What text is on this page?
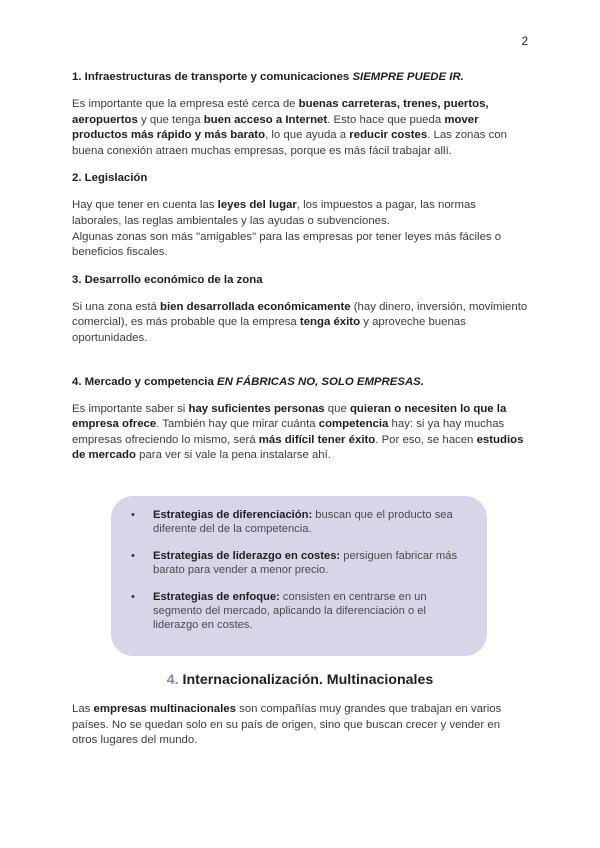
2

1. Infraestructuras de transporte y comunicaciones SIEMPRE PUEDE IR.

Es importante que la empresa esté cerca de buenas carreteras, trenes, puertos, aeropuertos y que tenga buen acceso a Internet. Esto hace que pueda mover productos más rápido y más barato, lo que ayuda a reducir costes. Las zonas con buena conexión atraen muchas empresas, porque es más fácil trabajar allí.

2. Legislación

Hay que tener en cuenta las leyes del lugar, los impuestos a pagar, las normas laborales, las reglas ambientales y las ayudas o subvenciones.

Algunas zonas son más "amigables" para las empresas por tener leyes más fáciles o beneficios fiscales.

3. Desarrollo económico de la zona

Si una zona está bien desarrollada económicamente (hay dinero, inversión, movimiento comercial), es más probable que la empresa tenga éxito y aproveche buenas oportunidades.

4. Mercado y competencia EN FÁBRICAS NO, SOLO EMPRESAS.

Es importante saber si hay suficientes personas que quieran o necesiten lo que la empresa ofrece. También hay que mirar cuánta competencia hay: si ya hay muchas empresas ofreciendo lo mismo, será más difícil tener éxito. Por eso, se hacen estudios de mercado para ver si vale la pena instalarse ahí.

• Estrategias de diferenciación: buscan que el producto sea diferente del de la competencia.
• Estrategias de liderazgo en costes: persiguen fabricar más barato para vender a menor precio.
• Estrategias de enfoque: consisten en centrarse en un segmento del mercado, aplicando la diferenciación o el liderazgo en costes.
4. Internacionalización. Multinacionales

Las empresas multinacionales son compañías muy grandes que trabajan en varios países. No se quedan solo en su país de origen, sino que buscan crecer y vender en otros lugares del mundo.
